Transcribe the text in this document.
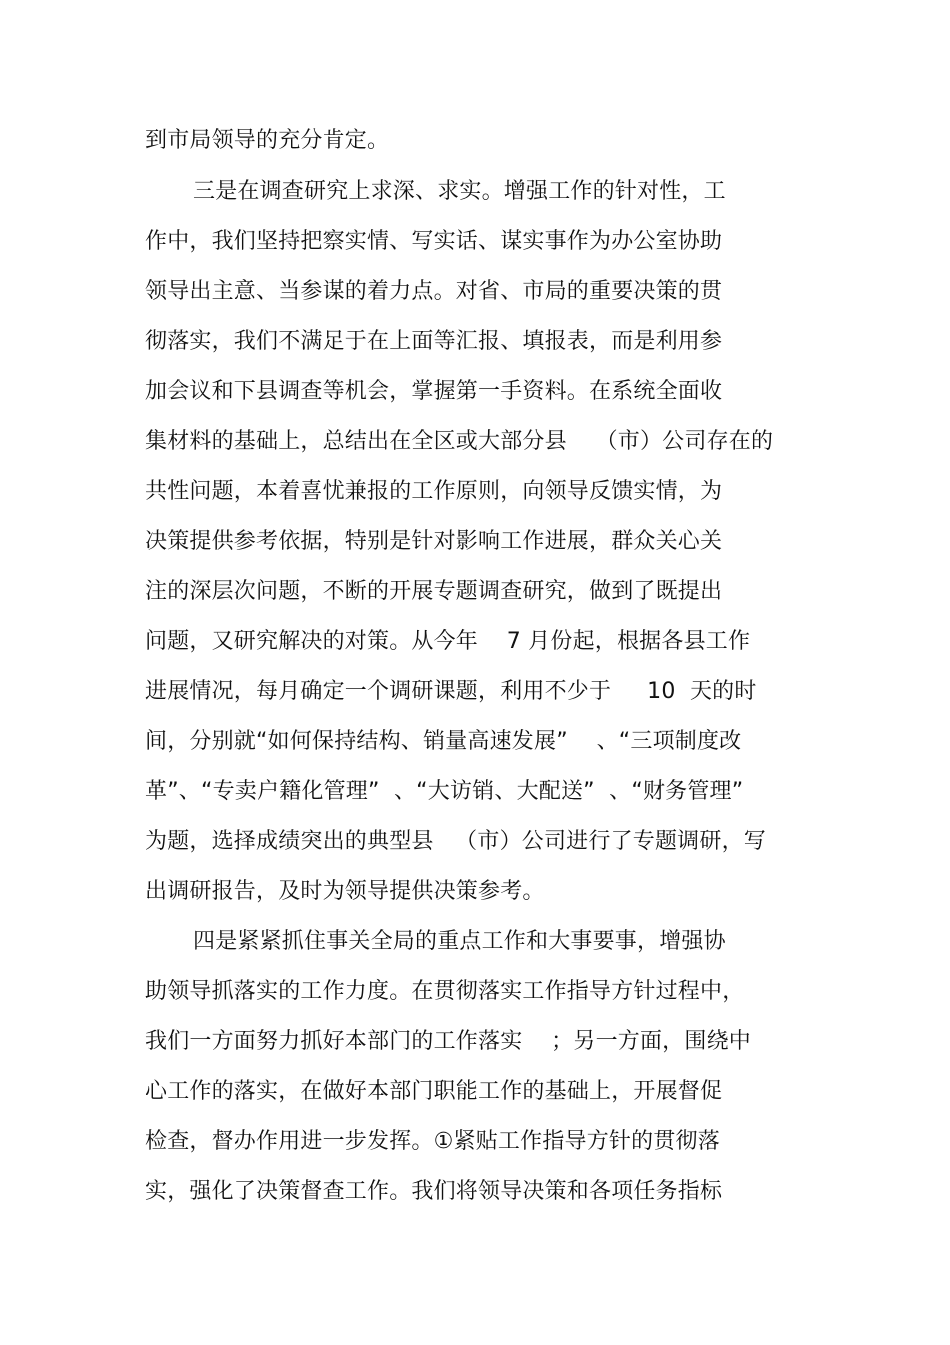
到市局领导的充分肯定。
三是在调查研究上求深、求实。增强工作的针对性，工
作中，我们坚持把察实情、写实话、谋实事作为办公室协助
领导出主意、当参谋的着力点。对省、市局的重要决策的贯
彻落实，我们不满足于在上面等汇报、填报表，而是利用参
加会议和下县调查等机会，掌握第一手资料。在系统全面收
集材料的基础上，总结出在全区或大部分县    （市）公司存在的
共性问题，本着喜忧兼报的工作原则，向领导反馈实情，为
决策提供参考依据，特别是针对影响工作进展，群众关心关
注的深层次问题，不断的开展专题调查研究，做到了既提出
问题，又研究解决的对策。从今年    7 月份起，根据各县工作
进展情况，每月确定一个调研课题，利用不少于     10  天的时
间，分别就“如何保持结构、销量高速发展”    、“三项制度改
革”、“专卖户籍化管理”  、“大访销、大配送”  、“财务管理”
为题，选择成绩突出的典型县   （市）公司进行了专题调研，写
出调研报告，及时为领导提供决策参考。
四是紧紧抓住事关全局的重点工作和大事要事，增强协
助领导抓落实的工作力度。在贯彻落实工作指导方针过程中，
我们一方面努力抓好本部门的工作落实    ；另一方面，围绕中
心工作的落实，在做好本部门职能工作的基础上，开展督促
检查，督办作用进一步发挥。①紧贴工作指导方针的贯彻落
实，强化了决策督查工作。我们将领导决策和各项任务指标
